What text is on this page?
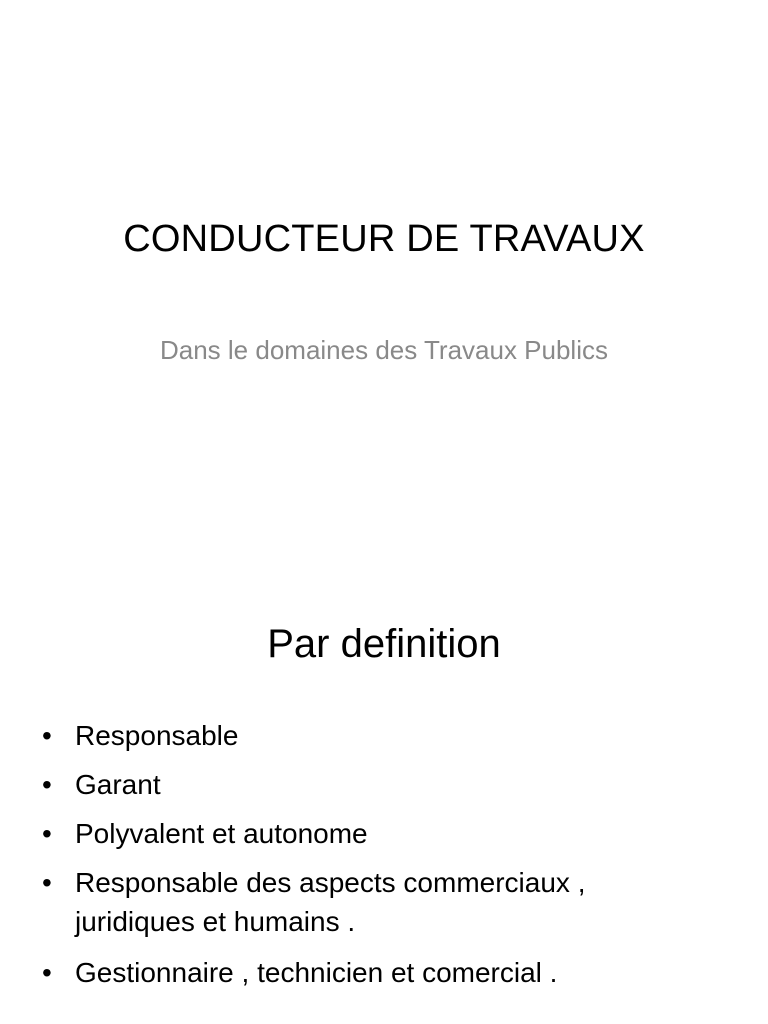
CONDUCTEUR DE TRAVAUX
Dans le domaines des Travaux Publics
Par definition
• Responsable
• Garant
• Polyvalent et autonome
• Responsable des aspects commerciaux ,
juridiques et humains .
• Gestionnaire , technicien et comercial .
